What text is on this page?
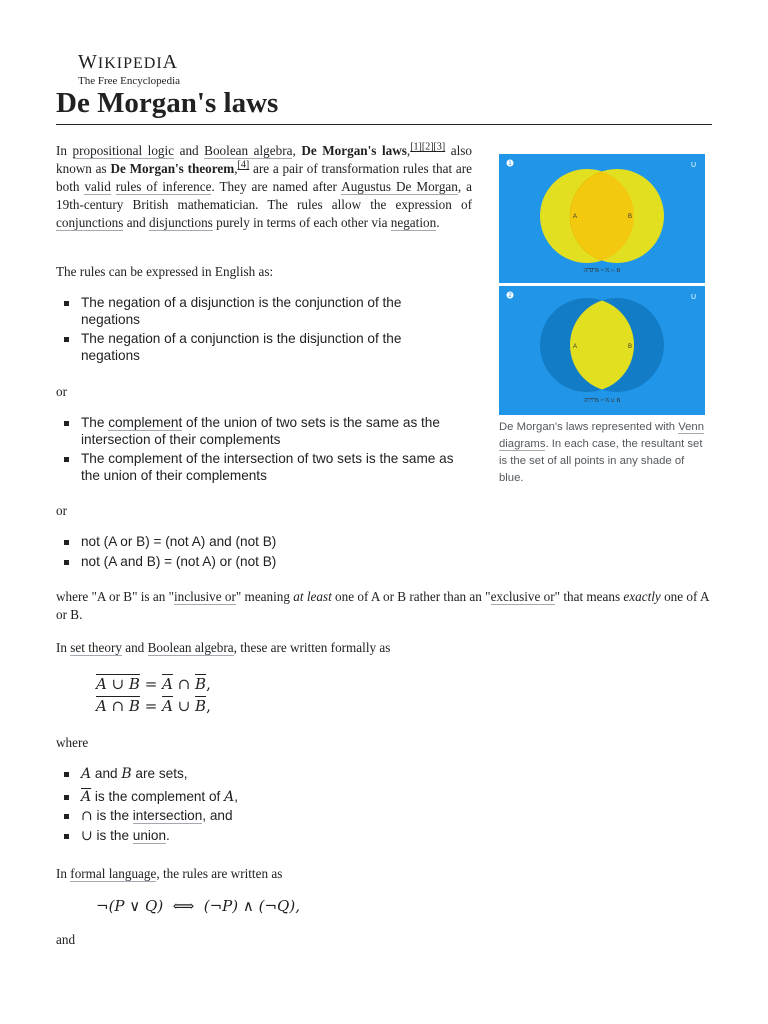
WIKIPEDIA
The Free Encyclopedia
De Morgan's laws

In propositional logic and Boolean algebra, De Morgan's laws,[1][2][3] also known as De Morgan's theorem,[4] are a pair of transformation rules that are both valid rules of inference. They are named after Augustus De Morgan, a 19th-century British mathematician. The rules allow the expression of conjunctions and disjunctions purely in terms of each other via negation.

The rules can be expressed in English as:
The negation of a disjunction is the conjunction of the negations
The negation of a conjunction is the disjunction of the negations
or
The complement of the union of two sets is the same as the intersection of their complements
The complement of the intersection of two sets is the same as the union of their complements
or
not (A or B) = (not A) and (not B)
not (A and B) = (not A) or (not B)

where "A or B" is an "inclusive or" meaning at least one of A or B rather than an "exclusive or" that means exactly one of A or B.

In set theory and Boolean algebra, these are written formally as

A ∪ $B = \overline{A}$ ∩ $\overline{B}$,
A ∩ $B = \overline{A}$ ∪ $\overline{B}$,
where
A and B are sets,
$\overline{A}$ is the complement of A,
∩ is the intersection, and
∪ is the union.

In formal language, the rules are written as

¬(P ∨ Q)  ⟺  (¬P) ∧ (¬Q),
and
1	U
A	B
A ∪ B = A ∩ B
2	U
A	B
A ∩ B = A ∪ B
De Morgan's laws represented with Venn diagrams. In each case, the resultant set is the set of all points in any shade of blue.
